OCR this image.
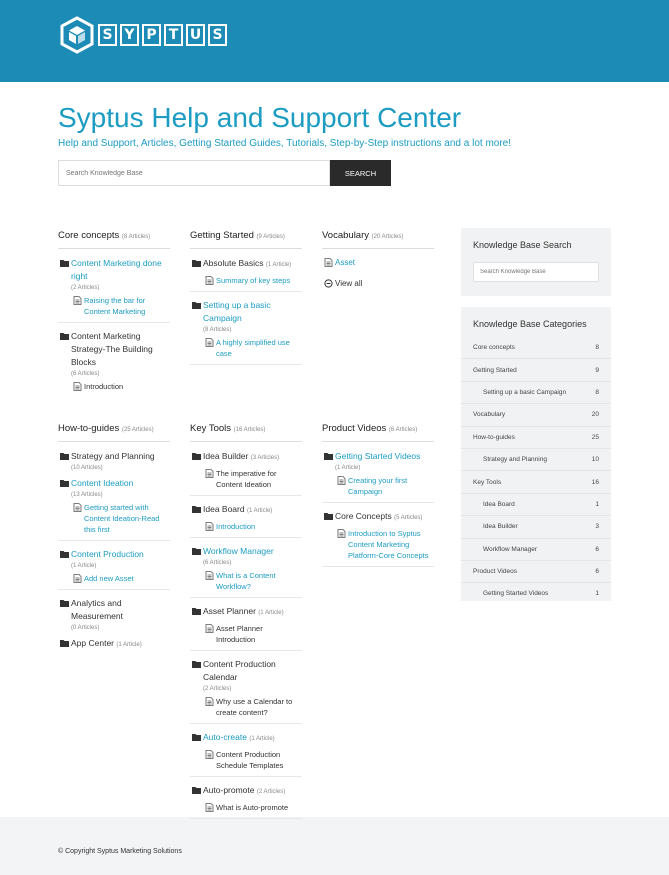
S Y P T U S
Syptus Help and Support Center
Help and Support, Articles, Getting Started Guides, Tutorials, Step-by-Step instructions and a lot more!
Search Knowledge Base
SEARCH
Core concepts (8 Articles)
Content Marketing done
right
(2 Articles)
Raising the bar for
Content Marketing
Content Marketing
Strategy-The Building
Blocks
(6 Articles)
Introduction
Getting Started (9 Articles)
Absolute Basics (1 Article)
Summary of key steps
Setting up a basic
Campaign
(8 Articles)
A highly simplified use
case
Vocabulary (20 Articles)
Asset
View all
How-to-guides (25 Articles)
Strategy and Planning
(10 Articles)
Content Ideation
(13 Articles)
Getting started with
Content Ideation-Read
this first
Content Production
(1 Article)
Add new Asset
Analytics and
Measurement
(0 Articles)
App Center (1 Article)
Key Tools (16 Articles)
Idea Builder (3 Articles)
The imperative for
Content Ideation
Idea Board (1 Article)
Introduction
Workflow Manager
(6 Articles)
What is a Content
Workflow?
Asset Planner (1 Article)
Asset Planner
Introduction
Content Production
Calendar
(2 Articles)
Why use a Calendar to
create content?
Auto-create (1 Article)
Content Production
Schedule Templates
Auto-promote (2 Articles)
What is Auto-promote
Product Videos (6 Articles)
Getting Started Videos
(1 Article)
Creating your first
Campaign
Core Concepts (5 Articles)
Introduction to Syptus
Content Marketing
Platform-Core Concepts
Knowledge Base Search
Search Knowledge Base
Knowledge Base Categories
Core concepts	8
Getting Started	9
Setting up a basic Campaign	8
Vocabulary	20
How-to-guides	25
Strategy and Planning	10
Key Tools	16
Idea Board	1
Idea Builder	3
Workflow Manager	6
Product Videos	6
Getting Started Videos	1
© Copyright Syptus Marketing Solutions
